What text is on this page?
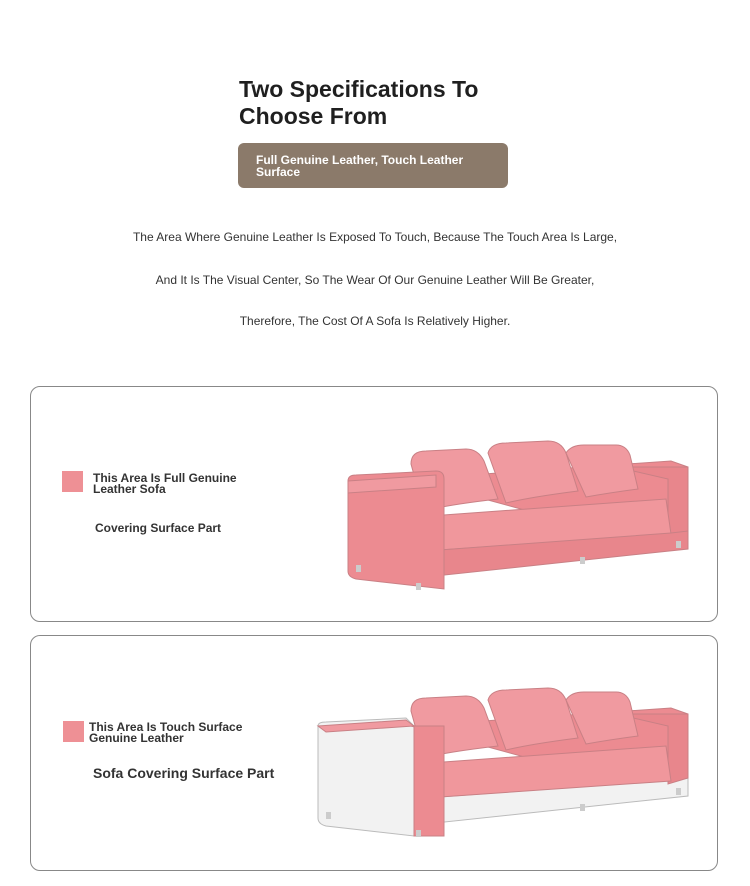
Two Specifications To Choose From
Full Genuine Leather, Touch Leather Surface
The Area Where Genuine Leather Is Exposed To Touch, Because The Touch Area Is Large,
And It Is The Visual Center, So The Wear Of Our Genuine Leather Will Be Greater,
Therefore, The Cost Of A Sofa Is Relatively Higher.
This Area Is Full Genuine Leather Sofa
Covering Surface Part
This Area Is Touch Surface Genuine Leather
Sofa Covering Surface Part
